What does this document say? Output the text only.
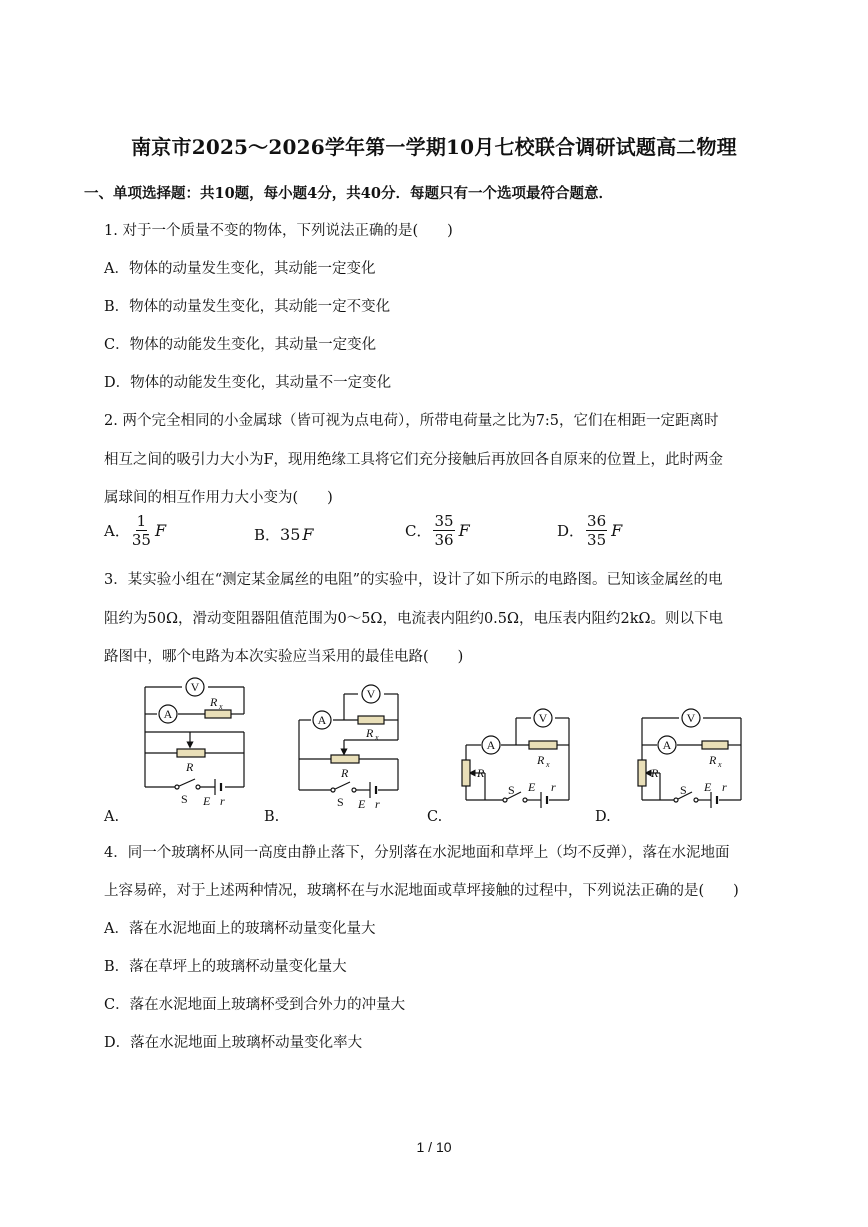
南京市2025～2026学年第一学期10月七校联合调研试题高二物理
一、单项选择题：共10题，每小题4分，共40分．每题只有一个选项最符合题意．
1. 对于一个质量不变的物体，下列说法正确的是(　　)
A．物体的动量发生变化，其动能一定变化
B．物体的动量发生变化，其动能一定不变化
C．物体的动能发生变化，其动量一定变化
D．物体的动能发生变化，其动量不一定变化
2. 两个完全相同的小金属球（皆可视为点电荷），所带电荷量之比为7:5，它们在相距一定距离时
相互之间的吸引力大小为F，现用绝缘工具将它们充分接触后再放回各自原来的位置上，此时两金
属球间的相互作用力大小变为(　　)
A． $\frac{1}{35}$ F	B．35 F	C． $\frac{35}{36}$ F	D． $\frac{36}{35}$ F
3．某实验小组在“测定某金属丝的电阻”的实验中，设计了如下所示的电路图。已知该金属丝的电
阻约为50Ω，滑动变阻器阻值范围为0～5Ω，电流表内阻约0.5Ω，电压表内阻约2kΩ。则以下电
路图中，哪个电路为本次实验应当采用的最佳电路(　　)
V
A
R x
R
S E r
V
A
R x
R
S E r
V
A
R x
R
S E r
V
A
R x
R
S E r
A.	B.	C.	D.
4．同一个玻璃杯从同一高度由静止落下，分别落在水泥地面和草坪上（均不反弹），落在水泥地面
上容易碎，对于上述两种情况，玻璃杯在与水泥地面或草坪接触的过程中，下列说法正确的是(　　)
A．落在水泥地面上的玻璃杯动量变化量大
B．落在草坪上的玻璃杯动量变化量大
C．落在水泥地面上玻璃杯受到合外力的冲量大
D．落在水泥地面上玻璃杯动量变化率大
1 / 10
